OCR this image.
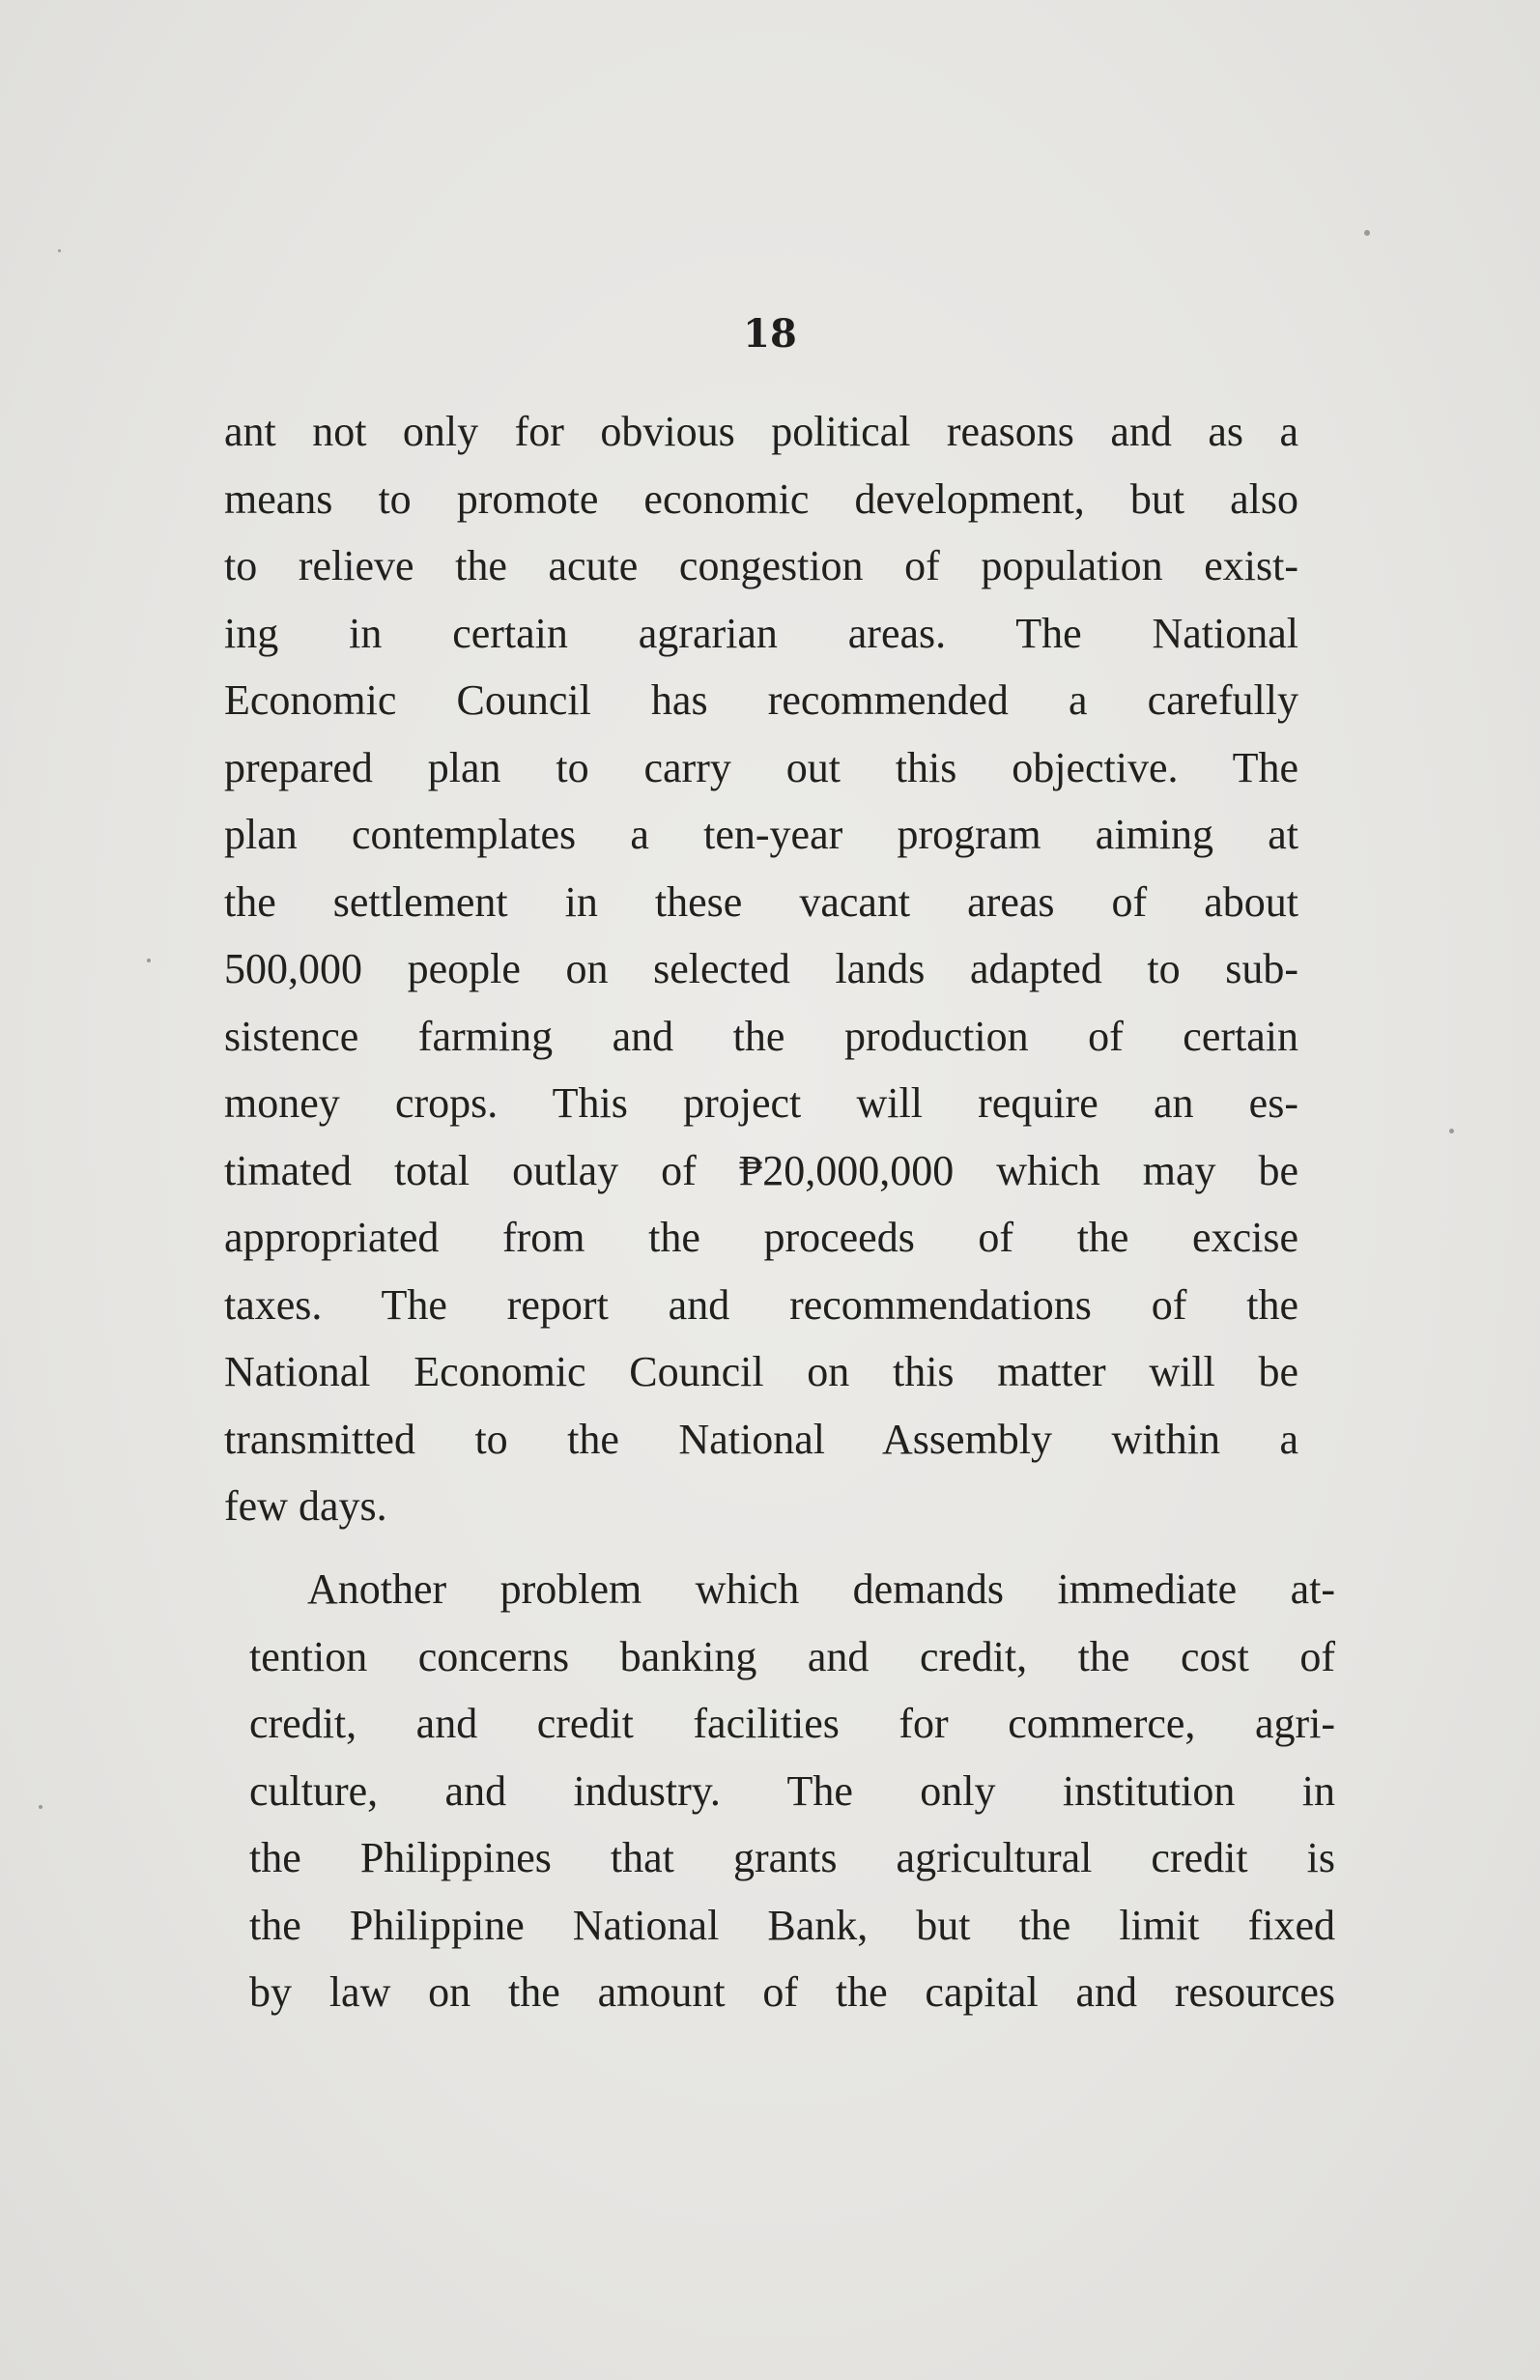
18
ant not only for obvious political reasons and as a
means to promote economic development, but also
to relieve the acute congestion of population exist-
ing in certain agrarian areas. The National
Economic Council has recommended a carefully
prepared plan to carry out this objective. The
plan contemplates a ten-year program aiming at
the settlement in these vacant areas of about
500,000 people on selected lands adapted to sub-
sistence farming and the production of certain
money crops. This project will require an es-
timated total outlay of ₱20,000,000 which may be
appropriated from the proceeds of the excise
taxes. The report and recommendations of the
National Economic Council on this matter will be
transmitted to the National Assembly within a
few days.
Another problem which demands immediate at-
tention concerns banking and credit, the cost of
credit, and credit facilities for commerce, agri-
culture, and industry. The only institution in
the Philippines that grants agricultural credit is
the Philippine National Bank, but the limit fixed
by law on the amount of the capital and resources
